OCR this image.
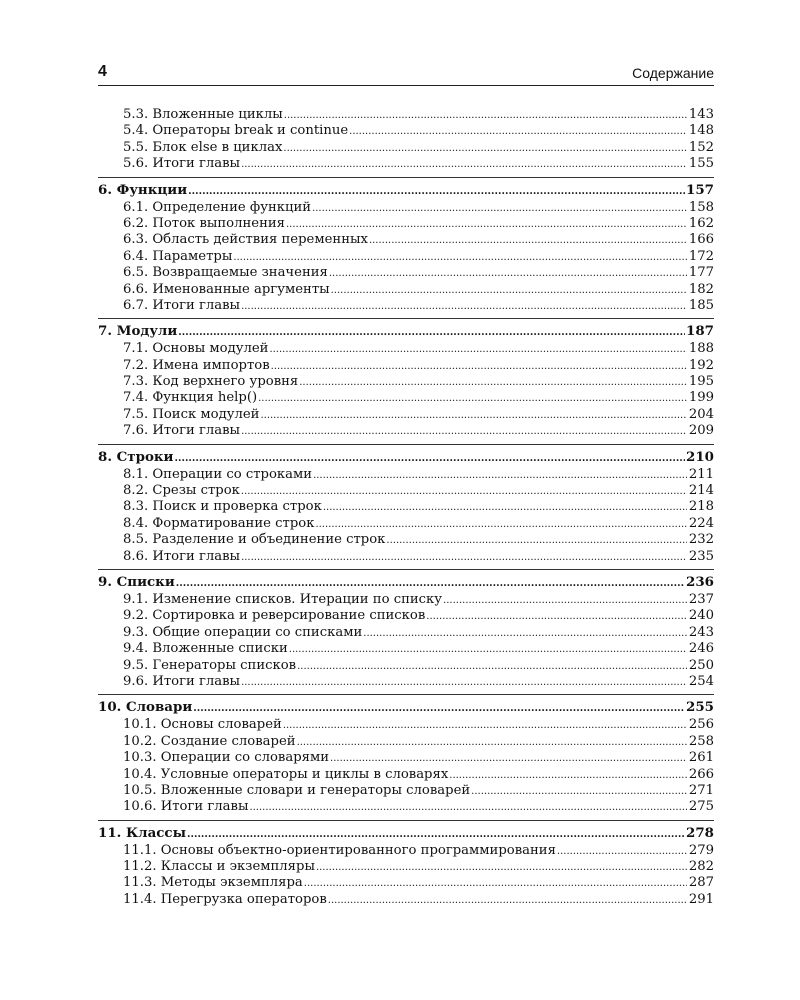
4	Содержание
5.3. Вложенные циклы .....	143
5.4. Операторы break и continue .....	148
5.5. Блок else в циклах .....	152
5.6. Итоги главы .....	155
6. Функции .....	157
6.1. Определение функций .....	158
6.2. Поток выполнения .....	162
6.3. Область действия переменных .....	166
6.4. Параметры .....	172
6.5. Возвращаемые значения .....	177
6.6. Именованные аргументы .....	182
6.7. Итоги главы .....	185
7. Модули .....	187
7.1. Основы модулей .....	188
7.2. Имена импортов .....	192
7.3. Код верхнего уровня .....	195
7.4. Функция help() .....	199
7.5. Поиск модулей .....	204
7.6. Итоги главы .....	209
8. Строки .....	210
8.1. Операции со строками .....	211
8.2. Срезы строк .....	214
8.3. Поиск и проверка строк .....	218
8.4. Форматирование строк .....	224
8.5. Разделение и объединение строк .....	232
8.6. Итоги главы .....	235
9. Списки .....	236
9.1. Изменение списков. Итерации по списку .....	237
9.2. Сортировка и реверсирование списков .....	240
9.3. Общие операции со списками .....	243
9.4. Вложенные списки .....	246
9.5. Генераторы списков .....	250
9.6. Итоги главы .....	254
10. Словари .....	255
10.1. Основы словарей .....	256
10.2. Создание словарей .....	258
10.3. Операции со словарями .....	261
10.4. Условные операторы и циклы в словарях .....	266
10.5. Вложенные словари и генераторы словарей .....	271
10.6. Итоги главы .....	275
11. Классы .....	278
11.1. Основы объектно-ориентированного программирования .....	279
11.2. Классы и экземпляры .....	282
11.3. Методы экземпляра .....	287
11.4. Перегрузка операторов .....	291
